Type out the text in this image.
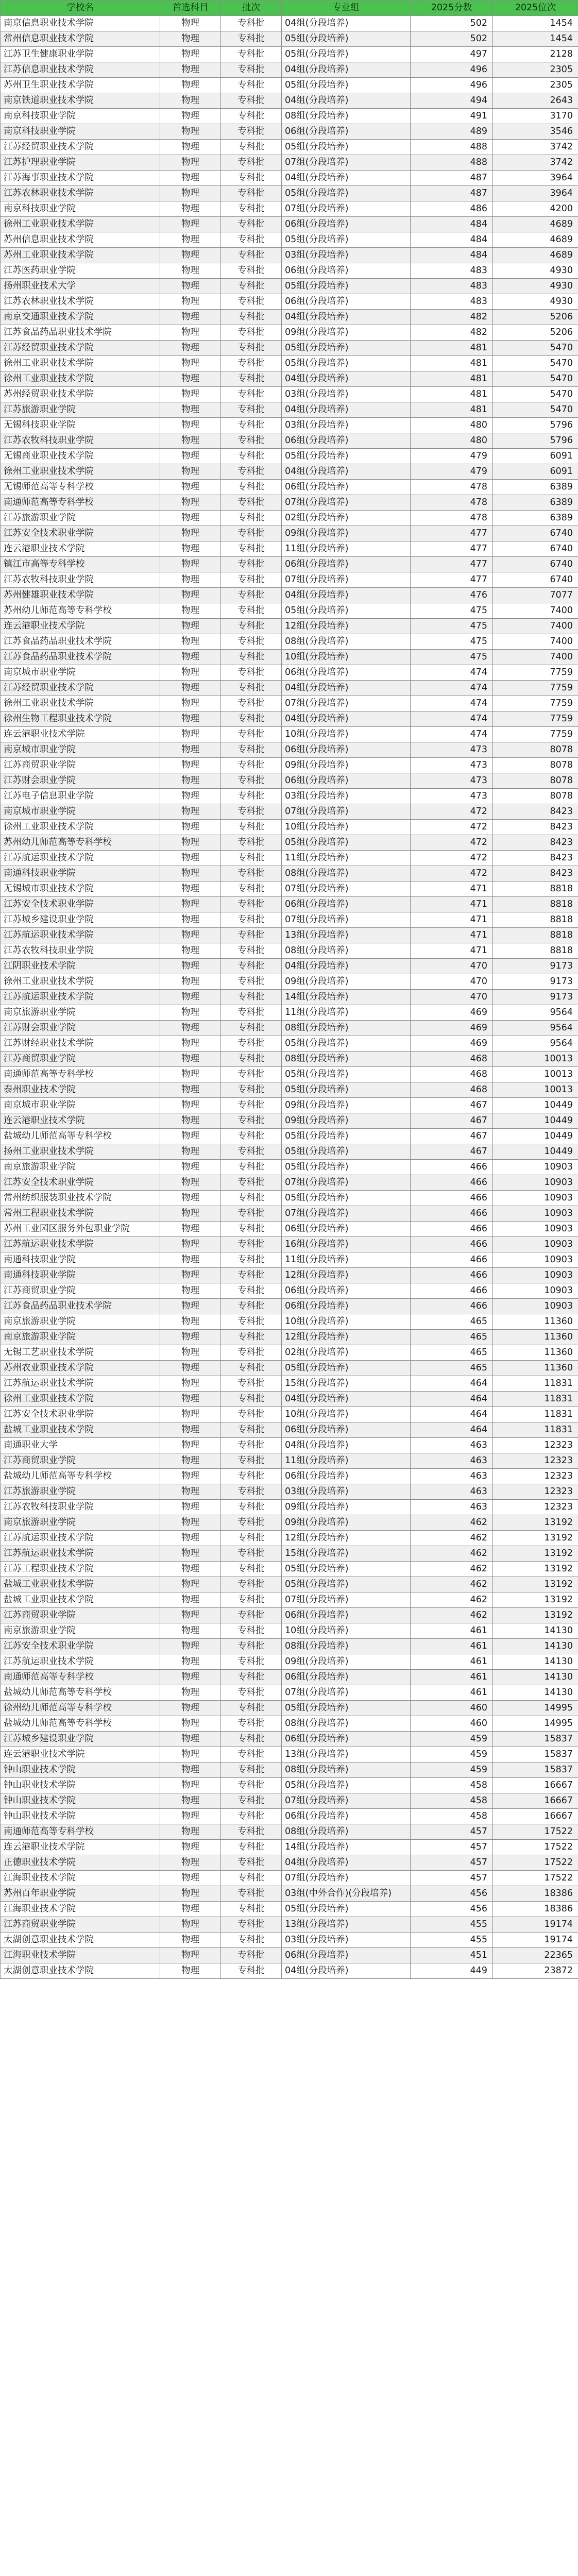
学校名	首选科目	批次	专业组	2025分数	2025位次
南京信息职业技术学院	物理	专科批	04组(分段培养)	502	1454
常州信息职业技术学院	物理	专科批	05组(分段培养)	502	1454
江苏卫生健康职业学院	物理	专科批	05组(分段培养)	497	2128
江苏信息职业技术学院	物理	专科批	04组(分段培养)	496	2305
苏州卫生职业技术学院	物理	专科批	05组(分段培养)	496	2305
南京铁道职业技术学院	物理	专科批	04组(分段培养)	494	2643
南京科技职业学院	物理	专科批	08组(分段培养)	491	3170
南京科技职业学院	物理	专科批	06组(分段培养)	489	3546
江苏经贸职业技术学院	物理	专科批	05组(分段培养)	488	3742
江苏护理职业学院	物理	专科批	07组(分段培养)	488	3742
江苏海事职业技术学院	物理	专科批	04组(分段培养)	487	3964
江苏农林职业技术学院	物理	专科批	05组(分段培养)	487	3964
南京科技职业学院	物理	专科批	07组(分段培养)	486	4200
徐州工业职业技术学院	物理	专科批	06组(分段培养)	484	4689
苏州信息职业技术学院	物理	专科批	05组(分段培养)	484	4689
苏州工业职业技术学院	物理	专科批	03组(分段培养)	484	4689
江苏医药职业学院	物理	专科批	06组(分段培养)	483	4930
扬州职业技术大学	物理	专科批	05组(分段培养)	483	4930
江苏农林职业技术学院	物理	专科批	06组(分段培养)	483	4930
南京交通职业技术学院	物理	专科批	04组(分段培养)	482	5206
江苏食品药品职业技术学院	物理	专科批	09组(分段培养)	482	5206
江苏经贸职业技术学院	物理	专科批	05组(分段培养)	481	5470
徐州工业职业技术学院	物理	专科批	05组(分段培养)	481	5470
徐州工业职业技术学院	物理	专科批	04组(分段培养)	481	5470
苏州经贸职业技术学院	物理	专科批	03组(分段培养)	481	5470
江苏旅游职业学院	物理	专科批	04组(分段培养)	481	5470
无锡科技职业学院	物理	专科批	03组(分段培养)	480	5796
江苏农牧科技职业学院	物理	专科批	06组(分段培养)	480	5796
无锡商业职业技术学院	物理	专科批	05组(分段培养)	479	6091
徐州工业职业技术学院	物理	专科批	04组(分段培养)	479	6091
无锡师范高等专科学校	物理	专科批	06组(分段培养)	478	6389
南通师范高等专科学校	物理	专科批	07组(分段培养)	478	6389
江苏旅游职业学院	物理	专科批	02组(分段培养)	478	6389
江苏安全技术职业学院	物理	专科批	09组(分段培养)	477	6740
连云港职业技术学院	物理	专科批	11组(分段培养)	477	6740
镇江市高等专科学校	物理	专科批	06组(分段培养)	477	6740
江苏农牧科技职业学院	物理	专科批	07组(分段培养)	477	6740
苏州健雄职业技术学院	物理	专科批	04组(分段培养)	476	7077
苏州幼儿师范高等专科学校	物理	专科批	05组(分段培养)	475	7400
连云港职业技术学院	物理	专科批	12组(分段培养)	475	7400
江苏食品药品职业技术学院	物理	专科批	08组(分段培养)	475	7400
江苏食品药品职业技术学院	物理	专科批	10组(分段培养)	475	7400
南京城市职业学院	物理	专科批	06组(分段培养)	474	7759
江苏经贸职业技术学院	物理	专科批	04组(分段培养)	474	7759
徐州工业职业技术学院	物理	专科批	07组(分段培养)	474	7759
徐州生物工程职业技术学院	物理	专科批	04组(分段培养)	474	7759
连云港职业技术学院	物理	专科批	10组(分段培养)	474	7759
南京城市职业学院	物理	专科批	06组(分段培养)	473	8078
江苏商贸职业学院	物理	专科批	09组(分段培养)	473	8078
江苏财会职业学院	物理	专科批	06组(分段培养)	473	8078
江苏电子信息职业学院	物理	专科批	03组(分段培养)	473	8078
南京城市职业学院	物理	专科批	07组(分段培养)	472	8423
徐州工业职业技术学院	物理	专科批	10组(分段培养)	472	8423
苏州幼儿师范高等专科学校	物理	专科批	05组(分段培养)	472	8423
江苏航运职业技术学院	物理	专科批	11组(分段培养)	472	8423
南通科技职业学院	物理	专科批	08组(分段培养)	472	8423
无锡城市职业技术学院	物理	专科批	07组(分段培养)	471	8818
江苏安全技术职业学院	物理	专科批	06组(分段培养)	471	8818
江苏城乡建设职业学院	物理	专科批	07组(分段培养)	471	8818
江苏航运职业技术学院	物理	专科批	13组(分段培养)	471	8818
江苏农牧科技职业学院	物理	专科批	08组(分段培养)	471	8818
江阴职业技术学院	物理	专科批	04组(分段培养)	470	9173
徐州工业职业技术学院	物理	专科批	09组(分段培养)	470	9173
江苏航运职业技术学院	物理	专科批	14组(分段培养)	470	9173
南京旅游职业学院	物理	专科批	11组(分段培养)	469	9564
江苏财会职业学院	物理	专科批	08组(分段培养)	469	9564
江苏财经职业技术学院	物理	专科批	05组(分段培养)	469	9564
江苏商贸职业学院	物理	专科批	08组(分段培养)	468	10013
南通师范高等专科学校	物理	专科批	05组(分段培养)	468	10013
泰州职业技术学院	物理	专科批	05组(分段培养)	468	10013
南京城市职业学院	物理	专科批	09组(分段培养)	467	10449
连云港职业技术学院	物理	专科批	09组(分段培养)	467	10449
盐城幼儿师范高等专科学校	物理	专科批	05组(分段培养)	467	10449
扬州工业职业技术学院	物理	专科批	05组(分段培养)	467	10449
南京旅游职业学院	物理	专科批	05组(分段培养)	466	10903
江苏安全技术职业学院	物理	专科批	07组(分段培养)	466	10903
常州纺织服装职业技术学院	物理	专科批	05组(分段培养)	466	10903
常州工程职业技术学院	物理	专科批	07组(分段培养)	466	10903
苏州工业园区服务外包职业学院	物理	专科批	06组(分段培养)	466	10903
江苏航运职业技术学院	物理	专科批	16组(分段培养)	466	10903
南通科技职业学院	物理	专科批	11组(分段培养)	466	10903
南通科技职业学院	物理	专科批	12组(分段培养)	466	10903
江苏商贸职业学院	物理	专科批	06组(分段培养)	466	10903
江苏食品药品职业技术学院	物理	专科批	06组(分段培养)	466	10903
南京旅游职业学院	物理	专科批	10组(分段培养)	465	11360
南京旅游职业学院	物理	专科批	12组(分段培养)	465	11360
无锡工艺职业技术学院	物理	专科批	02组(分段培养)	465	11360
苏州农业职业技术学院	物理	专科批	05组(分段培养)	465	11360
江苏航运职业技术学院	物理	专科批	15组(分段培养)	464	11831
徐州工业职业技术学院	物理	专科批	04组(分段培养)	464	11831
江苏安全技术职业学院	物理	专科批	10组(分段培养)	464	11831
盐城工业职业技术学院	物理	专科批	06组(分段培养)	464	11831
南通职业大学	物理	专科批	04组(分段培养)	463	12323
江苏商贸职业学院	物理	专科批	11组(分段培养)	463	12323
盐城幼儿师范高等专科学校	物理	专科批	06组(分段培养)	463	12323
江苏旅游职业学院	物理	专科批	03组(分段培养)	463	12323
江苏农牧科技职业学院	物理	专科批	09组(分段培养)	463	12323
南京旅游职业学院	物理	专科批	09组(分段培养)	462	13192
江苏航运职业技术学院	物理	专科批	12组(分段培养)	462	13192
江苏航运职业技术学院	物理	专科批	15组(分段培养)	462	13192
江苏工程职业技术学院	物理	专科批	05组(分段培养)	462	13192
盐城工业职业技术学院	物理	专科批	05组(分段培养)	462	13192
盐城工业职业技术学院	物理	专科批	07组(分段培养)	462	13192
江苏商贸职业学院	物理	专科批	06组(分段培养)	462	13192
南京旅游职业学院	物理	专科批	10组(分段培养)	461	14130
江苏安全技术职业学院	物理	专科批	08组(分段培养)	461	14130
江苏航运职业技术学院	物理	专科批	09组(分段培养)	461	14130
南通师范高等专科学校	物理	专科批	06组(分段培养)	461	14130
盐城幼儿师范高等专科学校	物理	专科批	07组(分段培养)	461	14130
徐州幼儿师范高等专科学校	物理	专科批	05组(分段培养)	460	14995
盐城幼儿师范高等专科学校	物理	专科批	08组(分段培养)	460	14995
江苏城乡建设职业学院	物理	专科批	06组(分段培养)	459	15837
连云港职业技术学院	物理	专科批	13组(分段培养)	459	15837
钟山职业技术学院	物理	专科批	08组(分段培养)	459	15837
钟山职业技术学院	物理	专科批	05组(分段培养)	458	16667
钟山职业技术学院	物理	专科批	07组(分段培养)	458	16667
钟山职业技术学院	物理	专科批	06组(分段培养)	458	16667
南通师范高等专科学校	物理	专科批	08组(分段培养)	457	17522
连云港职业技术学院	物理	专科批	14组(分段培养)	457	17522
正德职业技术学院	物理	专科批	04组(分段培养)	457	17522
江海职业技术学院	物理	专科批	07组(分段培养)	457	17522
苏州百年职业学院	物理	专科批	03组(中外合作)(分段培养)	456	18386
江海职业技术学院	物理	专科批	05组(分段培养)	456	18386
江苏商贸职业学院	物理	专科批	13组(分段培养)	455	19174
太湖创意职业技术学院	物理	专科批	03组(分段培养)	455	19174
江海职业技术学院	物理	专科批	06组(分段培养)	451	22365
太湖创意职业技术学院	物理	专科批	04组(分段培养)	449	23872
